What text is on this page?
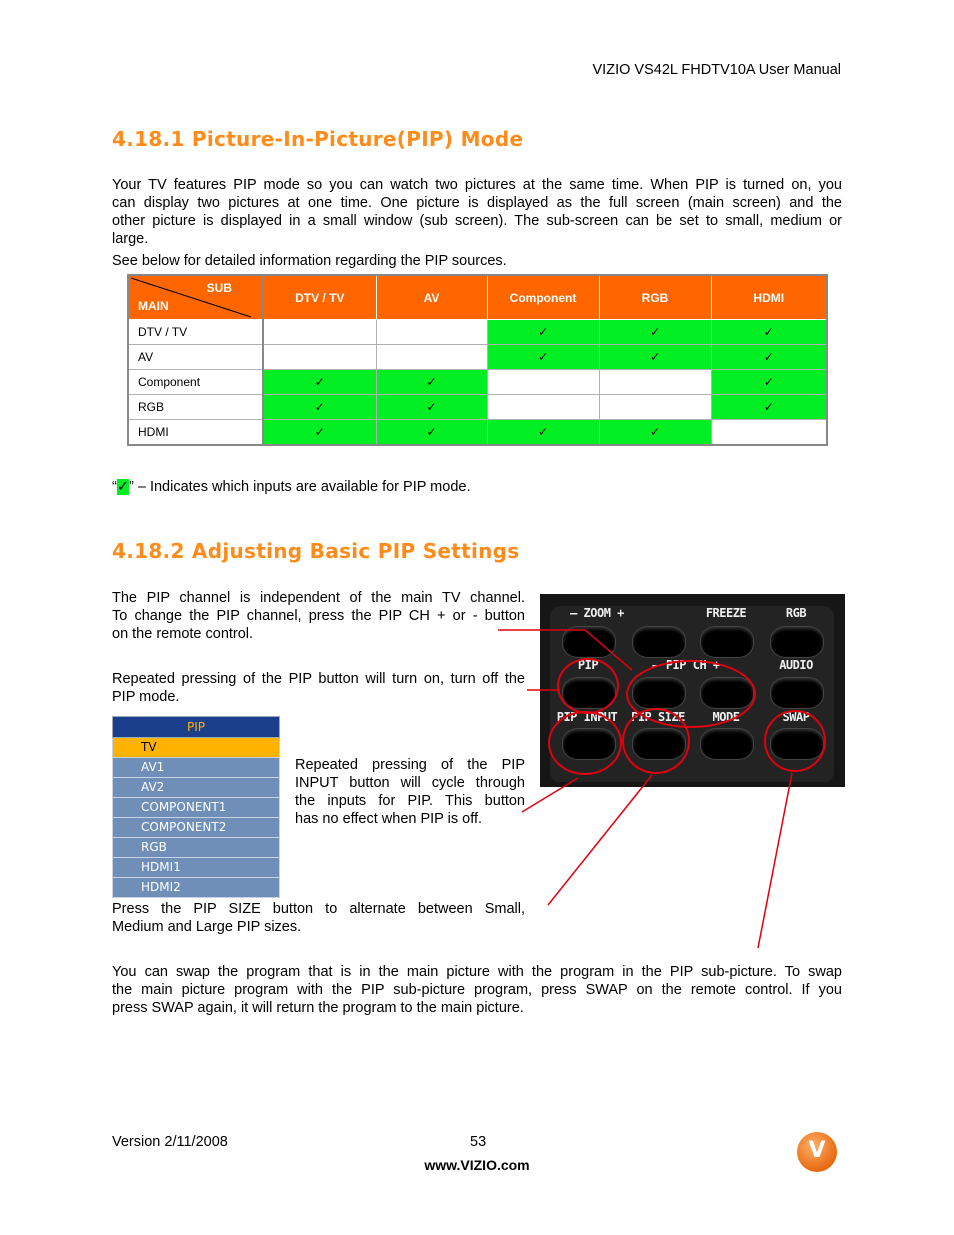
VIZIO VS42L FHDTV10A User Manual
4.18.1 Picture-In-Picture(PIP) Mode
Your TV features PIP mode so you can watch two pictures at the same time. When PIP is turned on, you
can display two pictures at one time. One picture is displayed as the full screen (main screen) and the
other picture is displayed in a small window (sub screen). The sub-screen can be set to small, medium or
large.
See below for detailed information regarding the PIP sources.
SUB
MAIN	DTV / TV	AV	Component	RGB	HDMI
DTV / TV			✓	✓	✓
AV			✓	✓	✓
Component	✓	✓			✓
RGB	✓	✓			✓
HDMI	✓	✓	✓	✓	
“✓” – Indicates which inputs are available for PIP mode.
4.18.2 Adjusting Basic PIP Settings
The PIP channel is independent of the main TV channel.
To change the PIP channel, press the PIP CH + or - button
on the remote control.
Repeated pressing of the PIP button will turn on, turn off the
PIP mode.
PIP
TV
AV1
AV2
COMPONENT1
COMPONENT2
RGB
HDMI1
HDMI2
Repeated pressing of the PIP
INPUT button will cycle through
the inputs for PIP. This button
has no effect when PIP is off.
Press the PIP SIZE button to alternate between Small,
Medium and Large PIP sizes.
You can swap the program that is in the main picture with the program in the PIP sub-picture. To swap
the main picture program with the PIP sub-picture program, press SWAP on the remote control. If you
press SWAP again, it will return the program to the main picture.
– ZOOM +	FREEZE	RGB
PIP	– PIP CH +	AUDIO
PIP INPUT	PIP SIZE	MODE	SWAP
Version 2/11/2008	53
www.VIZIO.com
V
